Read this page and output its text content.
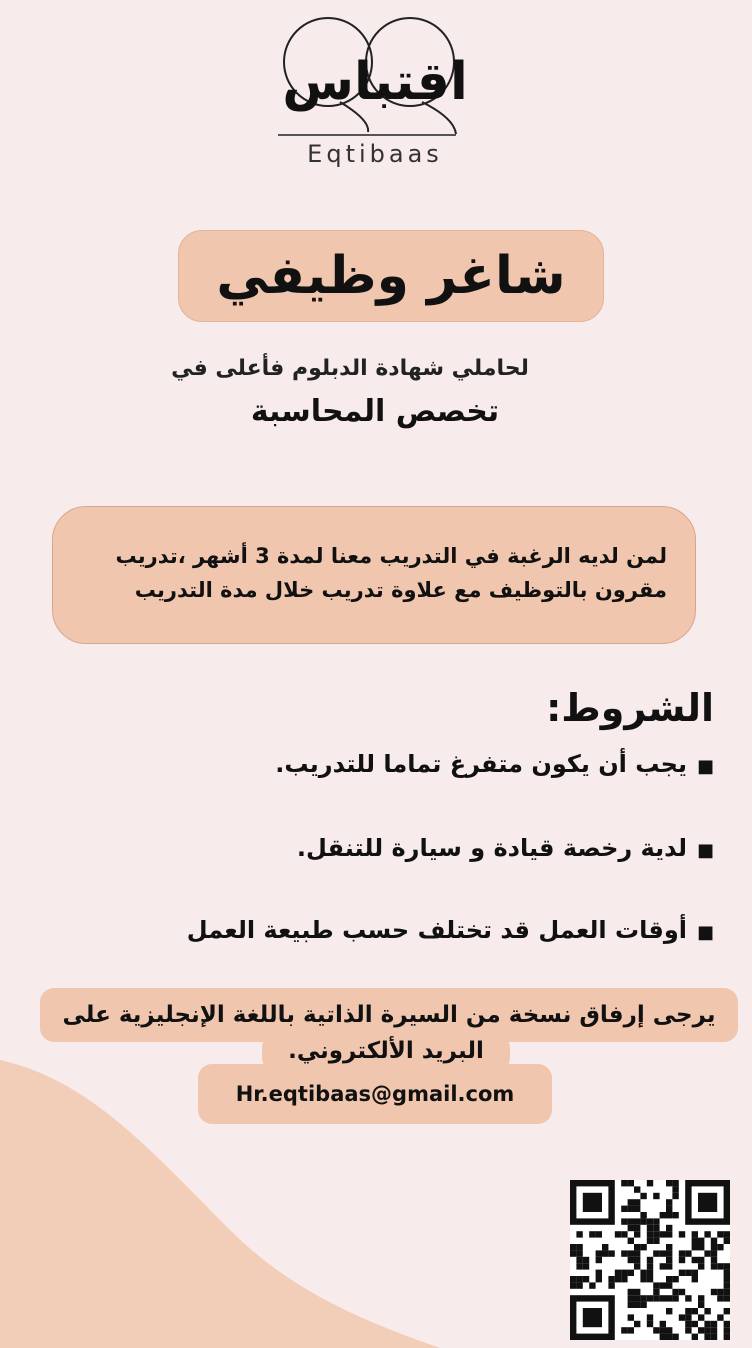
اقتباس
Eqtibaas
شاغر وظيفي
لحاملي شهادة الدبلوم فأعلى في
تخصص المحاسبة
لمن لديه الرغبة في التدريب معنا لمدة 3 أشهر ،تدريب
مقرون بالتوظيف مع علاوة تدريب خلال مدة التدريب
الشروط:
■يجب أن يكون متفرغ تماما للتدريب.
■لدية رخصة قيادة و سيارة للتنقل.
■أوقات العمل قد تختلف حسب طبيعة العمل
يرجى إرفاق نسخة من السيرة الذاتية باللغة الإنجليزية على
البريد الألكتروني.
Hr.eqtibaas@gmail.com
